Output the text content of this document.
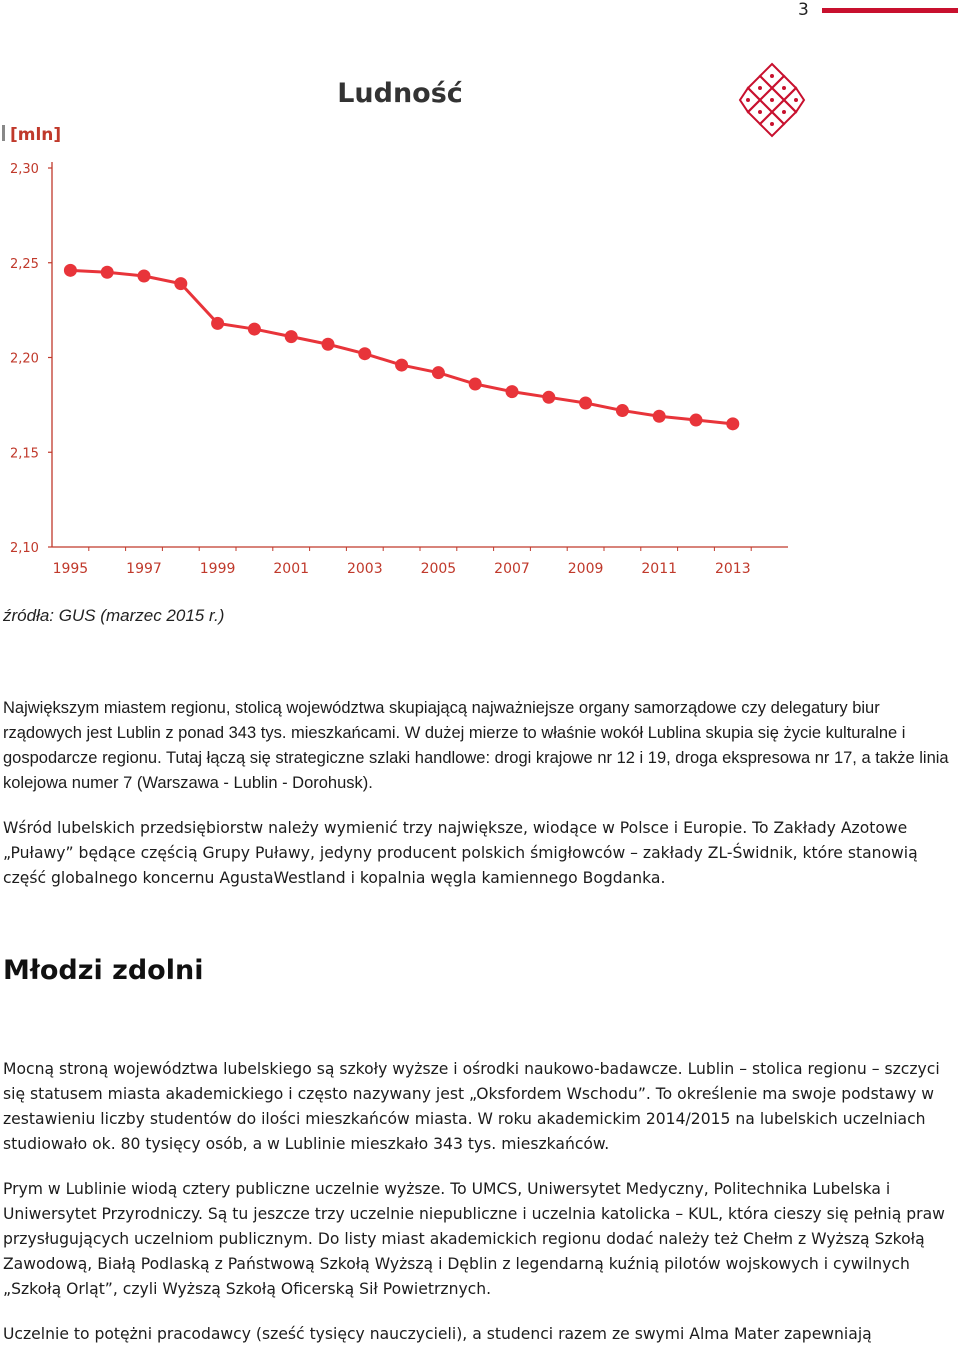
3
Ludność
[mln]
2,30
2,25
2,20
2,15
2,10
1995	1997	1999	2001	2003	2005	2007	2009	2011	2013
źródła: GUS (marzec 2015 r.)

Największym miastem regionu, stolicą województwa skupiającą najważniejsze organy samorządowe czy delegatury biur rządowych jest Lublin z ponad 343 tys. mieszkańcami. W dużej mierze to właśnie wokół Lublina skupia się życie kulturalne i gospodarcze regionu. Tutaj łączą się strategiczne szlaki handlowe: drogi krajowe nr 12 i 19, droga ekspresowa nr 17, a także linia kolejowa numer 7 (Warszawa - Lublin - Dorohusk).

Wśród lubelskich przedsiębiorstw należy wymienić trzy największe, wiodące w Polsce i Europie. To Zakłady Azotowe „Puławy” będące częścią Grupy Puławy, jedyny producent polskich śmigłowców – zakłady ZL-Świdnik, które stanowią część globalnego koncernu AgustaWestland i kopalnia węgla kamiennego Bogdanka.

Młodzi zdolni

Mocną stroną województwa lubelskiego są szkoły wyższe i ośrodki naukowo-badawcze. Lublin – stolica regionu – szczyci się statusem miasta akademickiego i często nazywany jest „Oksfordem Wschodu”. To określenie ma swoje podstawy w zestawieniu liczby studentów do ilości mieszkańców miasta. W roku akademickim 2014/2015 na lubelskich uczelniach studiowało ok. 80 tysięcy osób, a w Lublinie mieszkało 343 tys. mieszkańców.

Prym w Lublinie wiodą cztery publiczne uczelnie wyższe. To UMCS, Uniwersytet Medyczny, Politechnika Lubelska i Uniwersytet Przyrodniczy. Są tu jeszcze trzy uczelnie niepubliczne i uczelnia katolicka – KUL, która cieszy się pełnią praw przysługujących uczelniom publicznym. Do listy miast akademickich regionu dodać należy też Chełm z Wyższą Szkołą Zawodową, Białą Podlaską z Państwową Szkołą Wyższą i Dęblin z legendarną kuźnią pilotów wojskowych i cywilnych „Szkołą Orląt”, czyli Wyższą Szkołą Oficerską Sił Powietrznych.

Uczelnie to potężni pracodawcy (sześć tysięcy nauczycieli), a studenci razem ze swymi Alma Mater zapewniają
